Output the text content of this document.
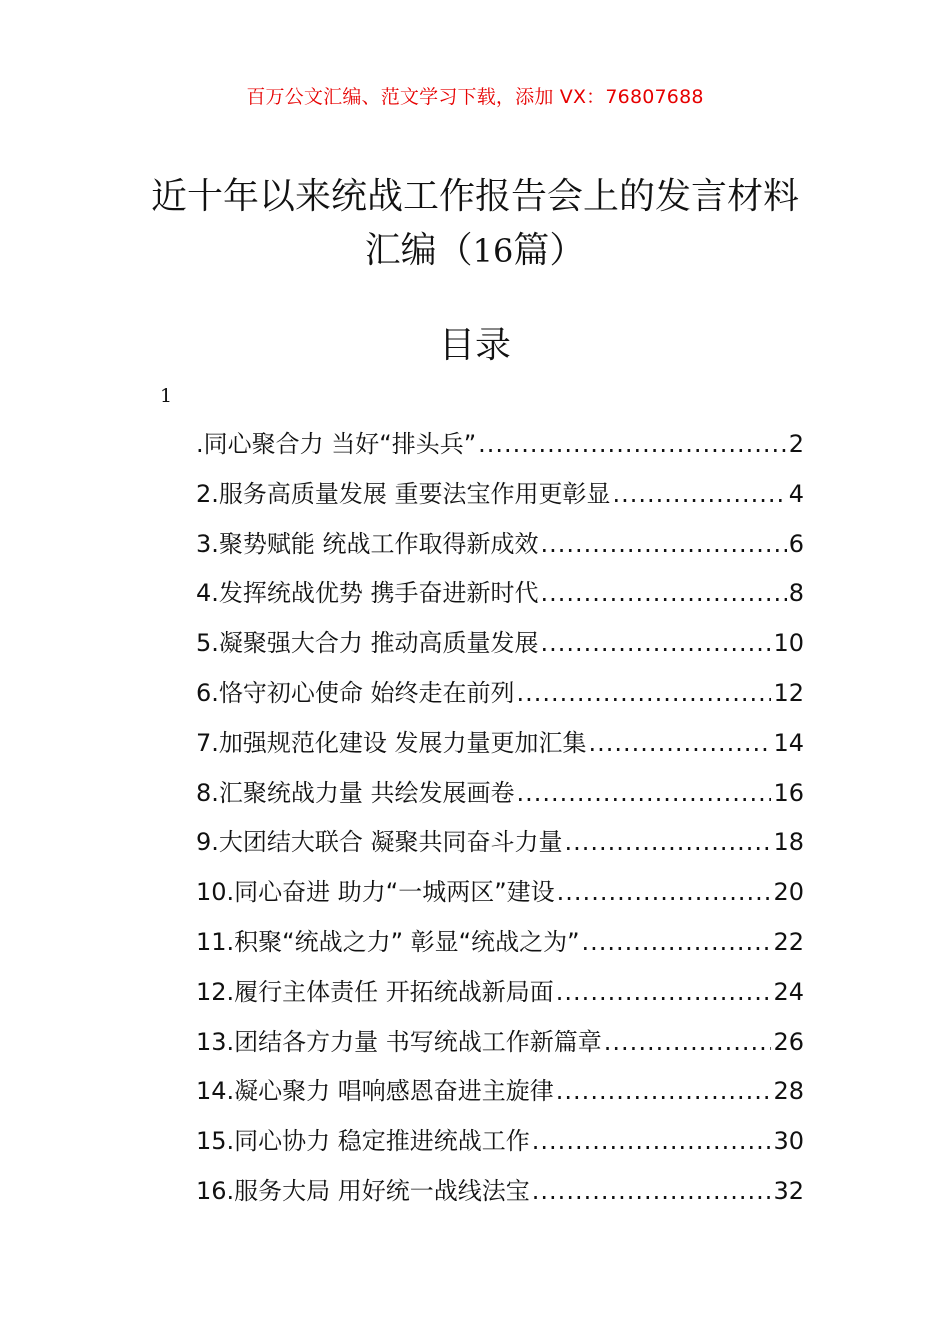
百万公文汇编、范文学习下载，添加 VX：76807688
近十年以来统战工作报告会上的发言材料
汇编（16篇）
目录
1
.同心聚合力 当好“排头兵” .....	2
2.服务高质量发展 重要法宝作用更彰显 .....	4
3.聚势赋能 统战工作取得新成效 .....	6
4.发挥统战优势 携手奋进新时代 .....	8
5.凝聚强大合力 推动高质量发展 .....	10
6.恪守初心使命 始终走在前列 .....	12
7.加强规范化建设 发展力量更加汇集 .....	14
8.汇聚统战力量 共绘发展画卷 .....	16
9.大团结大联合 凝聚共同奋斗力量 .....	18
10.同心奋进 助力“一城两区”建设 .....	20
11.积聚“统战之力” 彰显“统战之为” .....	22
12.履行主体责任 开拓统战新局面 .....	24
13.团结各方力量 书写统战工作新篇章 .....	26
14.凝心聚力 唱响感恩奋进主旋律 .....	28
15.同心协力 稳定推进统战工作 .....	30
16.服务大局 用好统一战线法宝 .....	32
